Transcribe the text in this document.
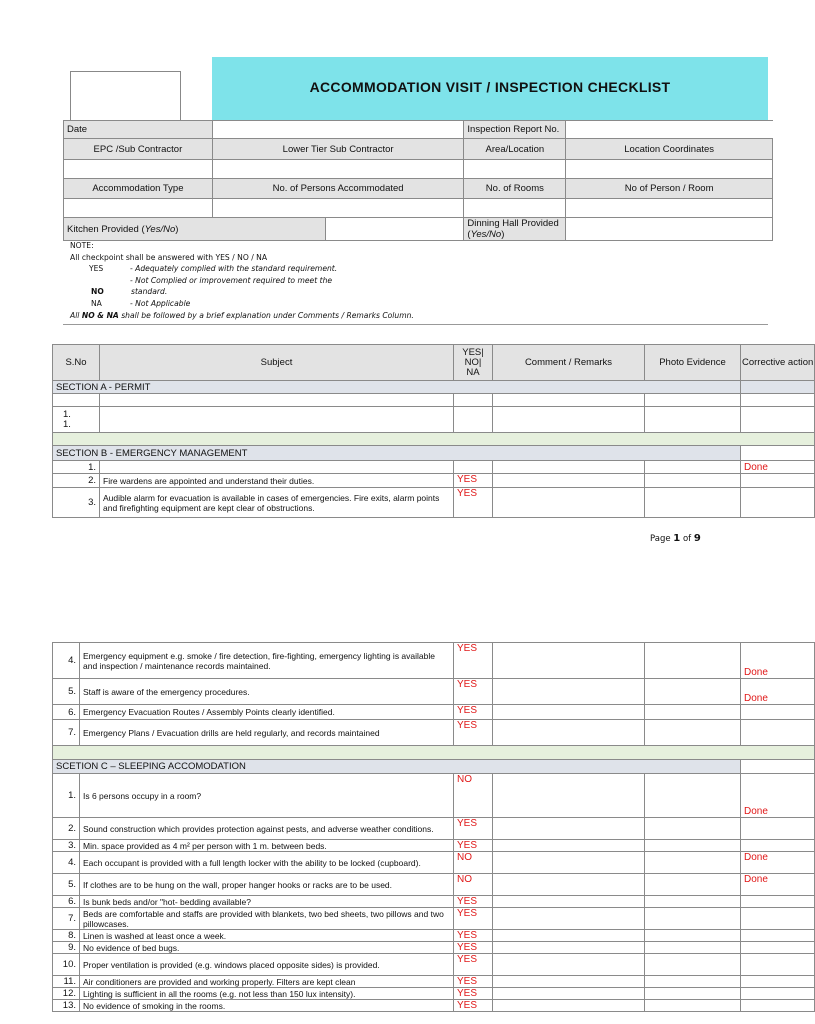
ACCOMMODATION VISIT / INSPECTION CHECKLIST
Date			Inspection Report No.	
EPC /Sub Contractor	Lower Tier Sub Contractor		Area/Location	Location Coordinates

Accommodation Type	No. of Persons Accommodated		No. of Rooms	No of Person / Room

Kitchen Provided (Yes/No)			Dinning Hall Provided
(Yes/No)	
NOTE:
All checkpoint shall be answered with YES / NO / NA
YES	- Adequately complied with the standard requirement.
- Not Complied or improvement required to meet the
NO	standard.
NA	- Not Applicable
All NO & NA shall be followed by a brief explanation under Comments / Remarks Column.
S.No	Subject	YES|
NO|
NA	Comment / Remarks	Photo Evidence	Corrective action
SECTION A - PERMIT					

1.
1.					

SECTION B - EMERGENCY MANAGEMENT					
1.					Done
2.	Fire wardens are appointed and understand their duties.	YES			
3.	Audible alarm for evacuation is available in cases of emergencies. Fire exits, alarm points and firefighting equipment are kept clear of obstructions.	YES			
Page 1 of 9
4.	Emergency equipment e.g. smoke / fire detection, fire-fighting, emergency lighting is available and inspection / maintenance records maintained.	YES			Done
5.	Staff is aware of the emergency procedures.	YES			Done
6.	Emergency Evacuation Routes / Assembly Points clearly identified.	YES			
7.	Emergency Plans / Evacuation drills are held regularly, and records maintained	YES			

SCETION C – SLEEPING ACCOMODATION					
1.	Is 6 persons occupy in a room?	NO			Done
2.	Sound construction which provides protection against pests, and adverse weather conditions.	YES			
3.	Min. space provided as 4 m² per person with 1 m. between beds.	YES			
4.	Each occupant is provided with a full length locker with the ability to be locked (cupboard).	NO			Done
5.	If clothes are to be hung on the wall, proper hanger hooks or racks are to be used.	NO			Done
6.	Is bunk beds and/or "hot- bedding available?	YES			
7.	Beds are comfortable and staffs are provided with blankets, two bed sheets, two pillows and two pillowcases.	YES			
8.	Linen is washed at least once a week.	YES			
9.	No evidence of bed bugs.	YES			
10.	Proper ventilation is provided (e.g. windows placed opposite sides) is provided.	YES			
11.	Air conditioners are provided and working properly. Filters are kept clean	YES			
12.	Lighting is sufficient in all the rooms (e.g. not less than 150 lux intensity).	YES			
13.	No evidence of smoking in the rooms.	YES			
